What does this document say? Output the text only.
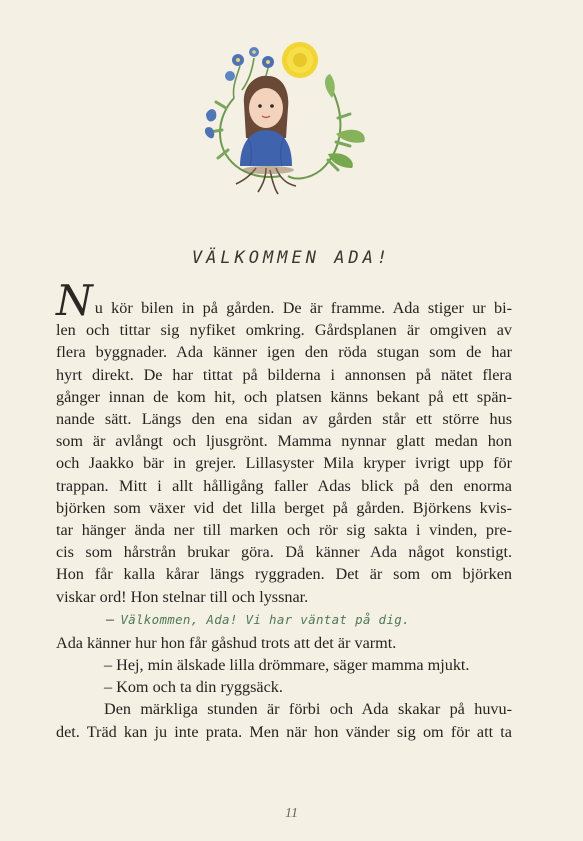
VÄLKOMMEN ADA!
Nu kör bilen in på gården. De är framme. Ada stiger ur bi-
len och tittar sig nyfiket omkring. Gårdsplanen är omgiven av
flera byggnader. Ada känner igen den röda stugan som de har
hyrt direkt. De har tittat på bilderna i annonsen på nätet flera
gånger innan de kom hit, och platsen känns bekant på ett spän-
nande sätt. Längs den ena sidan av gården står ett större hus
som är avlångt och ljusgrönt. Mamma nynnar glatt medan hon
och Jaakko bär in grejer. Lillasyster Mila kryper ivrigt upp för
trappan. Mitt i allt hålligång faller Adas blick på den enorma
björken som växer vid det lilla berget på gården. Björkens kvis-
tar hänger ända ner till marken och rör sig sakta i vinden, pre-
cis som hårstrån brukar göra. Då känner Ada något konstigt.
Hon får kalla kårar längs ryggraden. Det är som om björken
viskar ord! Hon stelnar till och lyssnar.
– Välkommen, Ada! Vi har väntat på dig.
Ada känner hur hon får gåshud trots att det är varmt.
– Hej, min älskade lilla drömmare, säger mamma mjukt.
– Kom och ta din ryggsäck.
Den märkliga stunden är förbi och Ada skakar på huvu-
det. Träd kan ju inte prata. Men när hon vänder sig om för att ta
11
